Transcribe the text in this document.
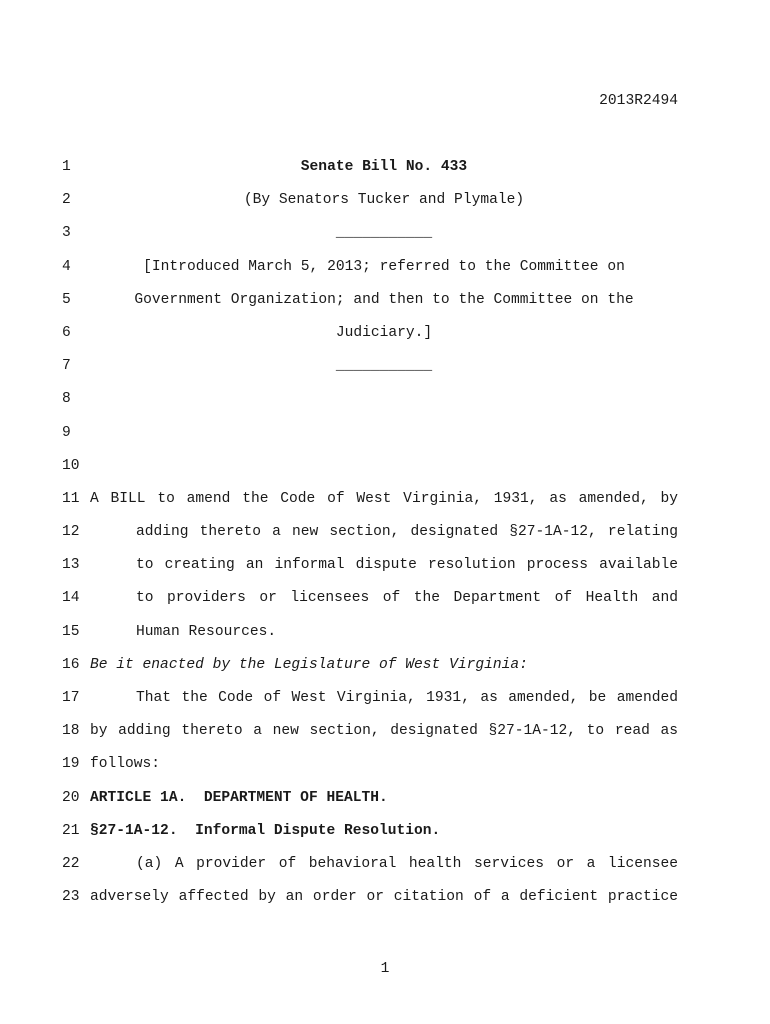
2013R2494
1	Senate Bill No. 433
2	(By Senators Tucker and Plymale)
3	___________
4	[Introduced March 5, 2013; referred to the Committee on
5	Government Organization; and then to the Committee on the
6	Judiciary.]
7	___________
8
9
10
11 A BILL to amend the Code of West Virginia, 1931, as amended, by
12	adding thereto a new section, designated §27-1A-12, relating
13	to creating an informal dispute resolution process available
14	to providers or licensees of the Department of Health and
15	Human Resources.
16 Be it enacted by the Legislature of West Virginia:
17	That the Code of West Virginia, 1931, as amended, be amended
18 by adding thereto a new section, designated §27-1A-12, to read as
19 follows:
20 ARTICLE 1A.  DEPARTMENT OF HEALTH.
21 §27-1A-12.  Informal Dispute Resolution.
22	(a) A provider of behavioral health services or a licensee
23 adversely affected by an order or citation of a deficient practice
1
